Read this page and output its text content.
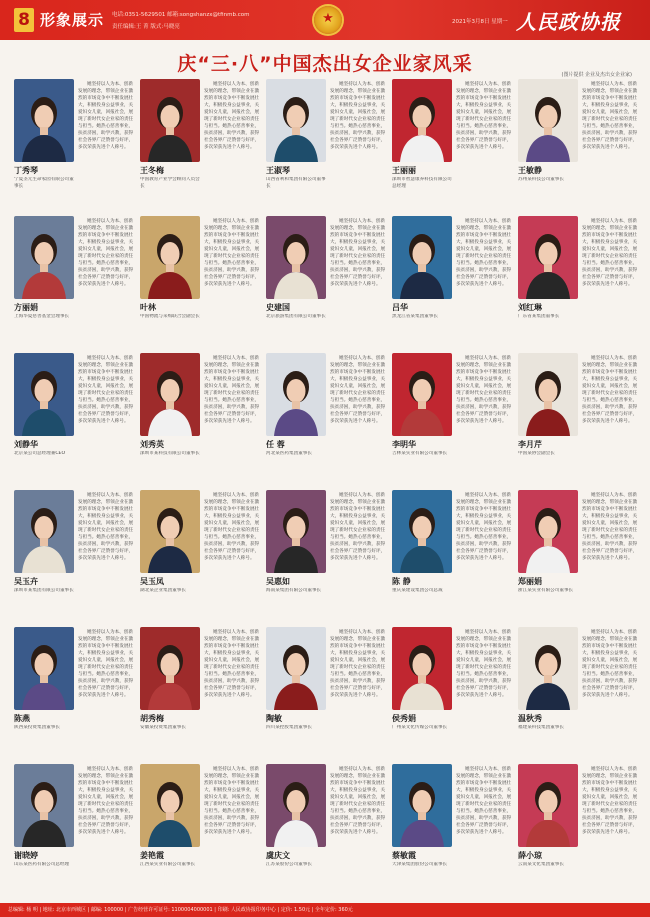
8 形象展示 电话:0351-5629501 邮箱:songshanzx@tfinmb.com
责任编辑:王 菁 版式:马晓亮
★
2021年3月8日 星期一 人民政协报
庆“三·八”中国杰出女企业家风采	(图片提供 企业及杰出女企业家)
她坚持以人为本、创新发展的理念，带领企业在激烈的市场竞争中不断发展壮大，积极投身公益事业，关爱妇女儿童，回报社会，展现了新时代女企业家的责任与担当。她热心慈善事业，扶贫济困，助学兴教，获得社会各界广泛赞誉与好评，多次荣获先进个人称号。
丁秀琴
宁夏圣元生命家园有限公司董事长
她坚持以人为本、创新发展的理念，带领企业在激烈的市场竞争中不断发展壮大，积极投身公益事业，关爱妇女儿童，回报社会，展现了新时代女企业家的责任与担当。她热心慈善事业，扶贫济困，助学兴教，获得社会各界广泛赞誉与好评，多次荣获先进个人称号。
王冬梅
中国教育产业学会顾问人员会长
她坚持以人为本、创新发展的理念，带领企业在激烈的市场竞争中不断发展壮大，积极投身公益事业，关爱妇女儿童，回报社会，展现了新时代女企业家的责任与担当。她热心慈善事业，扶贫济困，助学兴教，获得社会各界广泛赞誉与好评，多次荣获先进个人称号。
王淑琴
山西省利和集团有限公司董事长
她坚持以人为本、创新发展的理念，带领企业在激烈的市场竞争中不断发展壮大，积极投身公益事业，关爱妇女儿童，回报社会，展现了新时代女企业家的责任与担当。她热心慈善事业，扶贫济困，助学兴教，获得社会各界广泛赞誉与好评，多次荣获先进个人称号。
王丽丽
深圳市智慧康养科技有限公司总经理
她坚持以人为本、创新发展的理念，带领企业在激烈的市场竞争中不断发展壮大，积极投身公益事业，关爱妇女儿童，回报社会，展现了新时代女企业家的责任与担当。她热心慈善事业，扶贫济困，助学兴教，获得社会各界广泛赞誉与好评，多次荣获先进个人称号。
王敏静
苏州某科技公司董事长
她坚持以人为本、创新发展的理念，带领企业在激烈的市场竞争中不断发展壮大，积极投身公益事业，关爱妇女儿童，回报社会，展现了新时代女企业家的责任与担当。她热心慈善事业，扶贫济困，助学兴教，获得社会各界广泛赞誉与好评，多次荣获先进个人称号。
方丽娟
上海华夏慈善基金会理事长
她坚持以人为本、创新发展的理念，带领企业在激烈的市场竞争中不断发展壮大，积极投身公益事业，关爱妇女儿童，回报社会，展现了新时代女企业家的责任与担当。她热心慈善事业，扶贫济困，助学兴教，获得社会各界广泛赞誉与好评，多次荣获先进个人称号。
叶林
中国物流与采购联合会副会长
她坚持以人为本、创新发展的理念，带领企业在激烈的市场竞争中不断发展壮大，积极投身公益事业，关爱妇女儿童，回报社会，展现了新时代女企业家的责任与担当。她热心慈善事业，扶贫济困，助学兴教，获得社会各界广泛赞誉与好评，多次荣获先进个人称号。
史建国
北京旅游集团有限公司董事长
她坚持以人为本、创新发展的理念，带领企业在激烈的市场竞争中不断发展壮大，积极投身公益事业，关爱妇女儿童，回报社会，展现了新时代女企业家的责任与担当。她热心慈善事业，扶贫济困，助学兴教，获得社会各界广泛赞誉与好评，多次荣获先进个人称号。
吕华
黑龙江省某集团董事长
她坚持以人为本、创新发展的理念，带领企业在激烈的市场竞争中不断发展壮大，积极投身公益事业，关爱妇女儿童，回报社会，展现了新时代女企业家的责任与担当。她热心慈善事业，扶贫济困，助学兴教，获得社会各界广泛赞誉与好评，多次荣获先进个人称号。
刘红琳
广东省某集团董事长
她坚持以人为本、创新发展的理念，带领企业在激烈的市场竞争中不断发展壮大，积极投身公益事业，关爱妇女儿童，回报社会，展现了新时代女企业家的责任与担当。她热心慈善事业，扶贫济困，助学兴教，获得社会各界广泛赞誉与好评，多次荣获先进个人称号。
刘静华
北京某公司总经理兼CEO
她坚持以人为本、创新发展的理念，带领企业在激烈的市场竞争中不断发展壮大，积极投身公益事业，关爱妇女儿童，回报社会，展现了新时代女企业家的责任与担当。她热心慈善事业，扶贫济困，助学兴教，获得社会各界广泛赞誉与好评，多次荣获先进个人称号。
刘秀英
深圳市某科技有限公司董事长
她坚持以人为本、创新发展的理念，带领企业在激烈的市场竞争中不断发展壮大，积极投身公益事业，关爱妇女儿童，回报社会，展现了新时代女企业家的责任与担当。她热心慈善事业，扶贫济困，助学兴教，获得社会各界广泛赞誉与好评，多次荣获先进个人称号。
任 蓉
河北某医药集团董事长
她坚持以人为本、创新发展的理念，带领企业在激烈的市场竞争中不断发展壮大，积极投身公益事业，关爱妇女儿童，回报社会，展现了新时代女企业家的责任与担当。她热心慈善事业，扶贫济困，助学兴教，获得社会各界广泛赞誉与好评，多次荣获先进个人称号。
李明华
吉林某实业有限公司董事长
她坚持以人为本、创新发展的理念，带领企业在激烈的市场竞争中不断发展壮大，积极投身公益事业，关爱妇女儿童，回报社会，展现了新时代女企业家的责任与担当。她热心慈善事业，扶贫济困，助学兴教，获得社会各界广泛赞誉与好评，多次荣获先进个人称号。
李月芹
中国某协会副会长
她坚持以人为本、创新发展的理念，带领企业在激烈的市场竞争中不断发展壮大，积极投身公益事业，关爱妇女儿童，回报社会，展现了新时代女企业家的责任与担当。她热心慈善事业，扶贫济困，助学兴教，获得社会各界广泛赞誉与好评，多次荣获先进个人称号。
吴玉卉
深圳市某集团有限公司董事长
她坚持以人为本、创新发展的理念，带领企业在激烈的市场竞争中不断发展壮大，积极投身公益事业，关爱妇女儿童，回报社会，展现了新时代女企业家的责任与担当。她热心慈善事业，扶贫济困，助学兴教，获得社会各界广泛赞誉与好评，多次荣获先进个人称号。
吴玉凤
湖北某企业集团董事长
她坚持以人为本、创新发展的理念，带领企业在激烈的市场竞争中不断发展壮大，积极投身公益事业，关爱妇女儿童，回报社会，展现了新时代女企业家的责任与担当。她热心慈善事业，扶贫济困，助学兴教，获得社会各界广泛赞誉与好评，多次荣获先进个人称号。
吴惠如
海南某集团有限公司董事长
她坚持以人为本、创新发展的理念，带领企业在激烈的市场竞争中不断发展壮大，积极投身公益事业，关爱妇女儿童，回报社会，展现了新时代女企业家的责任与担当。她热心慈善事业，扶贫济困，助学兴教，获得社会各界广泛赞誉与好评，多次荣获先进个人称号。
陈 静
重庆某建设集团公司总裁
她坚持以人为本、创新发展的理念，带领企业在激烈的市场竞争中不断发展壮大，积极投身公益事业，关爱妇女儿童，回报社会，展现了新时代女企业家的责任与担当。她热心慈善事业，扶贫济困，助学兴教，获得社会各界广泛赞誉与好评，多次荣获先进个人称号。
郑丽娟
浙江某实业有限公司董事长
她坚持以人为本、创新发展的理念，带领企业在激烈的市场竞争中不断发展壮大，积极投身公益事业，关爱妇女儿童，回报社会，展现了新时代女企业家的责任与担当。她热心慈善事业，扶贫济困，助学兴教，获得社会各界广泛赞誉与好评，多次荣获先进个人称号。
陈燕
陕西某投资集团董事长
她坚持以人为本、创新发展的理念，带领企业在激烈的市场竞争中不断发展壮大，积极投身公益事业，关爱妇女儿童，回报社会，展现了新时代女企业家的责任与担当。她热心慈善事业，扶贫济困，助学兴教，获得社会各界广泛赞誉与好评，多次荣获先进个人称号。
胡秀梅
安徽某投资集团董事长
她坚持以人为本、创新发展的理念，带领企业在激烈的市场竞争中不断发展壮大，积极投身公益事业，关爱妇女儿童，回报社会，展现了新时代女企业家的责任与担当。她热心慈善事业，扶贫济困，助学兴教，获得社会各界广泛赞誉与好评，多次荣获先进个人称号。
陶敏
四川某控股集团董事长
她坚持以人为本、创新发展的理念，带领企业在激烈的市场竞争中不断发展壮大，积极投身公益事业，关爱妇女儿童，回报社会，展现了新时代女企业家的责任与担当。她热心慈善事业，扶贫济困，助学兴教，获得社会各界广泛赞誉与好评，多次荣获先进个人称号。
侯秀娟
广州某文化传媒公司董事长
她坚持以人为本、创新发展的理念，带领企业在激烈的市场竞争中不断发展壮大，积极投身公益事业，关爱妇女儿童，回报社会，展现了新时代女企业家的责任与担当。她热心慈善事业，扶贫济困，助学兴教，获得社会各界广泛赞誉与好评，多次荣获先进个人称号。
温秋秀
福建某科技集团董事长
她坚持以人为本、创新发展的理念，带领企业在激烈的市场竞争中不断发展壮大，积极投身公益事业，关爱妇女儿童，回报社会，展现了新时代女企业家的责任与担当。她热心慈善事业，扶贫济困，助学兴教，获得社会各界广泛赞誉与好评，多次荣获先进个人称号。
谢晓婷
山东某医药有限公司总经理
她坚持以人为本、创新发展的理念，带领企业在激烈的市场竞争中不断发展壮大，积极投身公益事业，关爱妇女儿童，回报社会，展现了新时代女企业家的责任与担当。她热心慈善事业，扶贫济困，助学兴教，获得社会各界广泛赞誉与好评，多次荣获先进个人称号。
姜艳霞
江西某实业有限公司董事长
她坚持以人为本、创新发展的理念，带领企业在激烈的市场竞争中不断发展壮大，积极投身公益事业，关爱妇女儿童，回报社会，展现了新时代女企业家的责任与担当。她热心慈善事业，扶贫济困，助学兴教，获得社会各界广泛赞誉与好评，多次荣获先进个人称号。
虞庆文
江苏某股份公司董事长
她坚持以人为本、创新发展的理念，带领企业在激烈的市场竞争中不断发展壮大，积极投身公益事业，关爱妇女儿童，回报社会，展现了新时代女企业家的责任与担当。她热心慈善事业，扶贫济困，助学兴教，获得社会各界广泛赞誉与好评，多次荣获先进个人称号。
蔡敏霞
天津某集团股份公司董事长
她坚持以人为本、创新发展的理念，带领企业在激烈的市场竞争中不断发展壮大，积极投身公益事业，关爱妇女儿童，回报社会，展现了新时代女企业家的责任与担当。她热心慈善事业，扶贫济困，助学兴教，获得社会各界广泛赞誉与好评，多次荣获先进个人称号。
薛小琼
云南某文化集团董事长
总编辑: 杨 明 | 地址: 北京市西城区 | 邮编: 100000 | 广告经营许可证号: 1100004000001 | 印刷: 人民政协报印务中心 | 定价: 1.50元 | 全年定价: 360元
